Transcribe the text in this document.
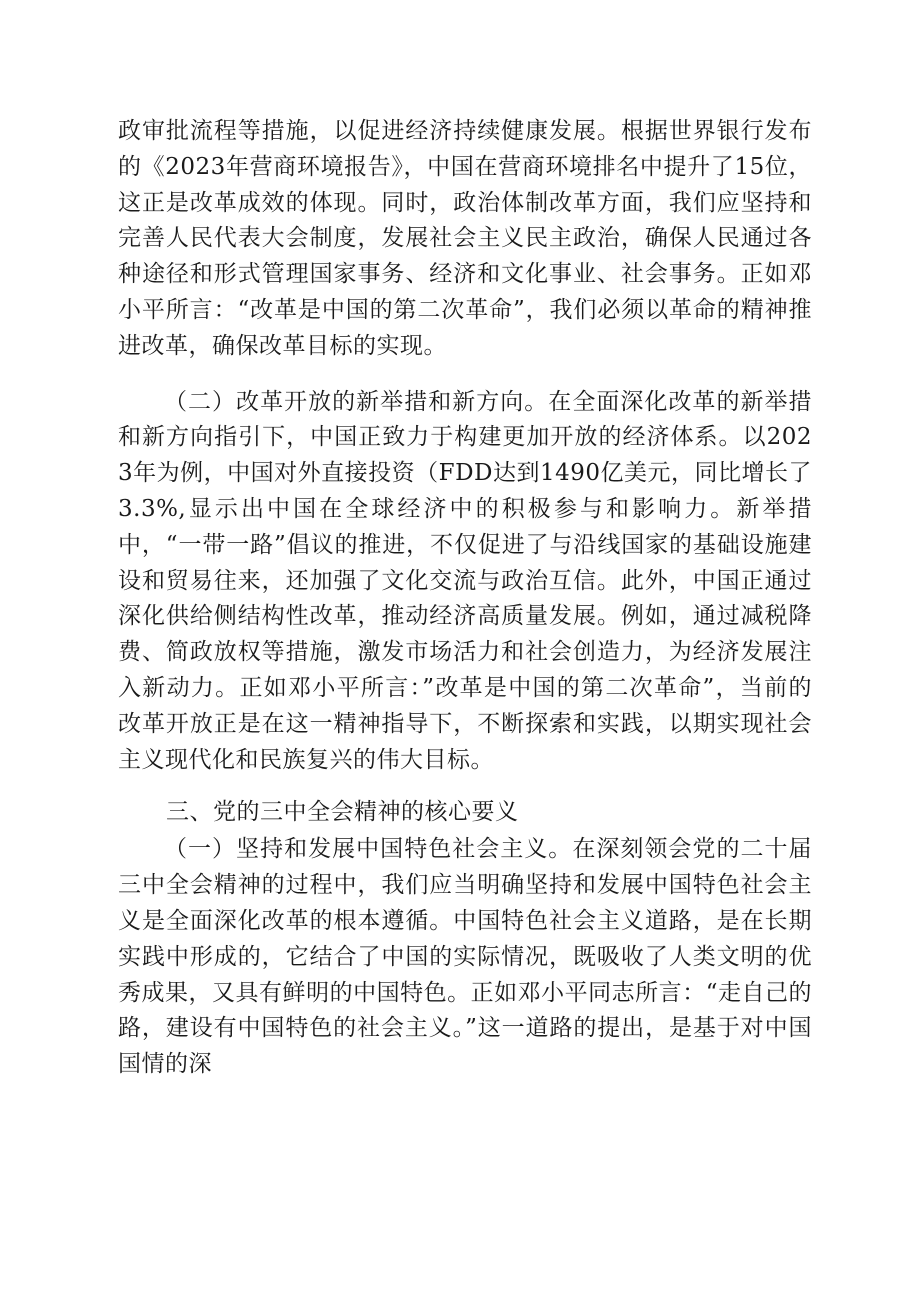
政审批流程等措施，以促进经济持续健康发展。根据世界银行发布的《2023年营商环境报告》，中国在营商环境排名中提升了15位，这正是改革成效的体现。同时，政治体制改革方面，我们应坚持和完善人民代表大会制度，发展社会主义民主政治，确保人民通过各种途径和形式管理国家事务、经济和文化事业、社会事务。正如邓小平所言：“改革是中国的第二次革命”，我们必须以革命的精神推进改革，确保改革目标的实现。

（二）改革开放的新举措和新方向。在全面深化改革的新举措和新方向指引下，中国正致力于构建更加开放的经济体系。以2023年为例，中国对外直接投资（FDD达到1490亿美元，同比增长了3.3%,显示出中国在全球经济中的积极参与和影响力。新举措中，“一带一路”倡议的推进，不仅促进了与沿线国家的基础设施建设和贸易往来，还加强了文化交流与政治互信。此外，中国正通过深化供给侧结构性改革，推动经济高质量发展。例如，通过减税降费、简政放权等措施，激发市场活力和社会创造力，为经济发展注入新动力。正如邓小平所言：”改革是中国的第二次革命”，当前的改革开放正是在这一精神指导下，不断探索和实践，以期实现社会主义现代化和民族复兴的伟大目标。

三、党的三中全会精神的核心要义

（一）坚持和发展中国特色社会主义。在深刻领会党的二十届三中全会精神的过程中，我们应当明确坚持和发展中国特色社会主义是全面深化改革的根本遵循。中国特色社会主义道路，是在长期实践中形成的，它结合了中国的实际情况，既吸收了人类文明的优秀成果，又具有鲜明的中国特色。正如邓小平同志所言：“走自己的路，建设有中国特色的社会主义。”这一道路的提出，是基于对中国国情的深
